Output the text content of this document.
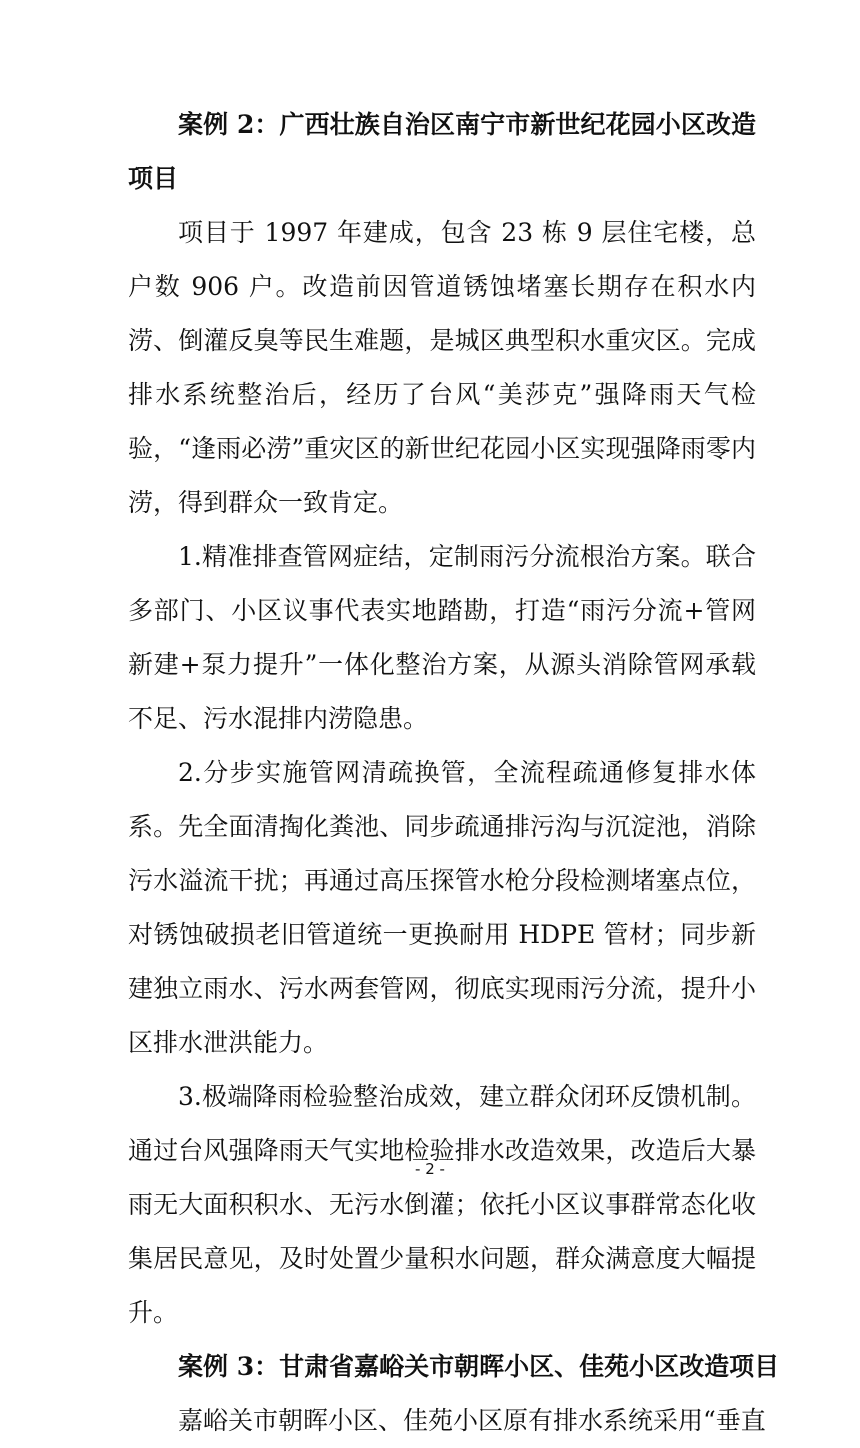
案例 2：广西壮族自治区南宁市新世纪花园小区改造项目

项目于 1997 年建成，包含 23 栋 9 层住宅楼，总户数 906 户。改造前因管道锈蚀堵塞长期存在积水内涝、倒灌反臭等民生难题，是城区典型积水重灾区。完成排水系统整治后，经历了台风“美莎克”强降雨天气检验，“逢雨必涝”重灾区的新世纪花园小区实现强降雨零内涝，得到群众一致肯定。

1.精准排查管网症结，定制雨污分流根治方案。联合多部门、小区议事代表实地踏勘，打造“雨污分流+管网新建+泵力提升”一体化整治方案，从源头消除管网承载不足、污水混排内涝隐患。

2.分步实施管网清疏换管，全流程疏通修复排水体系。先全面清掏化粪池、同步疏通排污沟与沉淀池，消除污水溢流干扰；再通过高压探管水枪分段检测堵塞点位，对锈蚀破损老旧管道统一更换耐用 HDPE 管材；同步新建独立雨水、污水两套管网，彻底实现雨污分流，提升小区排水泄洪能力。

3.极端降雨检验整治成效，建立群众闭环反馈机制。通过台风强降雨天气实地检验排水改造效果，改造后大暴雨无大面积积水、无污水倒灌；依托小区议事群常态化收集居民意见，及时处置少量积水问题，群众满意度大幅提升。

案例 3：甘肃省嘉峪关市朝晖小区、佳苑小区改造项目

嘉峪关市朝晖小区、佳苑小区原有排水系统采用“垂直

- 2 -
